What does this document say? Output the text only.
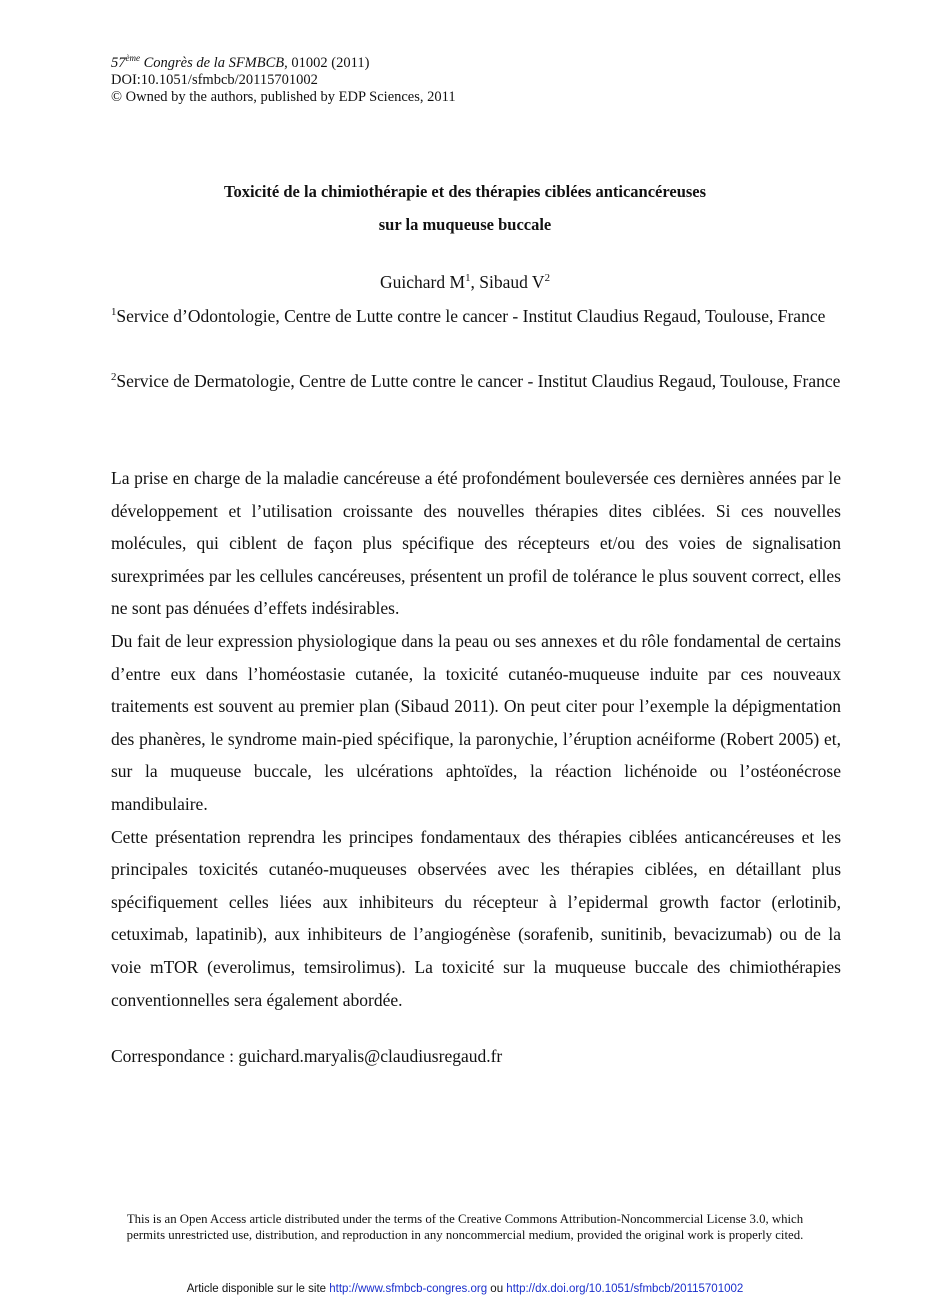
57ème Congrès de la SFMBCB, 01002 (2011)
DOI:10.1051/sfmbcb/20115701002
© Owned by the authors, published by EDP Sciences, 2011
Toxicité de la chimiothérapie et des thérapies ciblées anticancéreuses
sur la muqueuse buccale
Guichard $M^1$, Sibaud $V^2$
$^1$Service d’Odontologie, Centre de Lutte contre le cancer - Institut Claudius Regaud, Toulouse, France
$^2$Service de Dermatologie, Centre de Lutte contre le cancer - Institut Claudius Regaud, Toulouse, France

La prise en charge de la maladie cancéreuse a été profondément bouleversée ces dernières années par le développement et l’utilisation croissante des nouvelles thérapies dites ciblées. Si ces nouvelles molécules, qui ciblent de façon plus spécifique des récepteurs et/ou des voies de signalisation surexprimées par les cellules cancéreuses, présentent un profil de tolérance le plus souvent correct, elles ne sont pas dénuées d’effets indésirables.

Du fait de leur expression physiologique dans la peau ou ses annexes et du rôle fondamental de certains d’entre eux dans l’homéostasie cutanée, la toxicité cutanéo-muqueuse induite par ces nouveaux traitements est souvent au premier plan (Sibaud 2011). On peut citer pour l’exemple la dépigmentation des phanères, le syndrome main-pied spécifique, la paronychie, l’éruption acnéiforme (Robert 2005) et, sur la muqueuse buccale, les ulcérations aphtoïdes, la réaction lichénoide ou l’ostéonécrose mandibulaire.

Cette présentation reprendra les principes fondamentaux des thérapies ciblées anticancéreuses et les principales toxicités cutanéo-muqueuses observées avec les thérapies ciblées, en détaillant plus spécifiquement celles liées aux inhibiteurs du récepteur à l’epidermal growth factor (erlotinib, cetuximab, lapatinib), aux inhibiteurs de l’angiogénèse (sorafenib, sunitinib, bevacizumab) ou de la voie mTOR (everolimus, temsirolimus). La toxicité sur la muqueuse buccale des chimiothérapies conventionnelles sera également abordée.

Correspondance : guichard.maryalis@claudiusregaud.fr
This is an Open Access article distributed under the terms of the Creative Commons Attribution-Noncommercial License 3.0, which
permits unrestricted use, distribution, and reproduction in any noncommercial medium, provided the original work is properly cited.
Article disponible sur le site http://www.sfmbcb-congres.org ou http://dx.doi.org/10.1051/sfmbcb/20115701002
